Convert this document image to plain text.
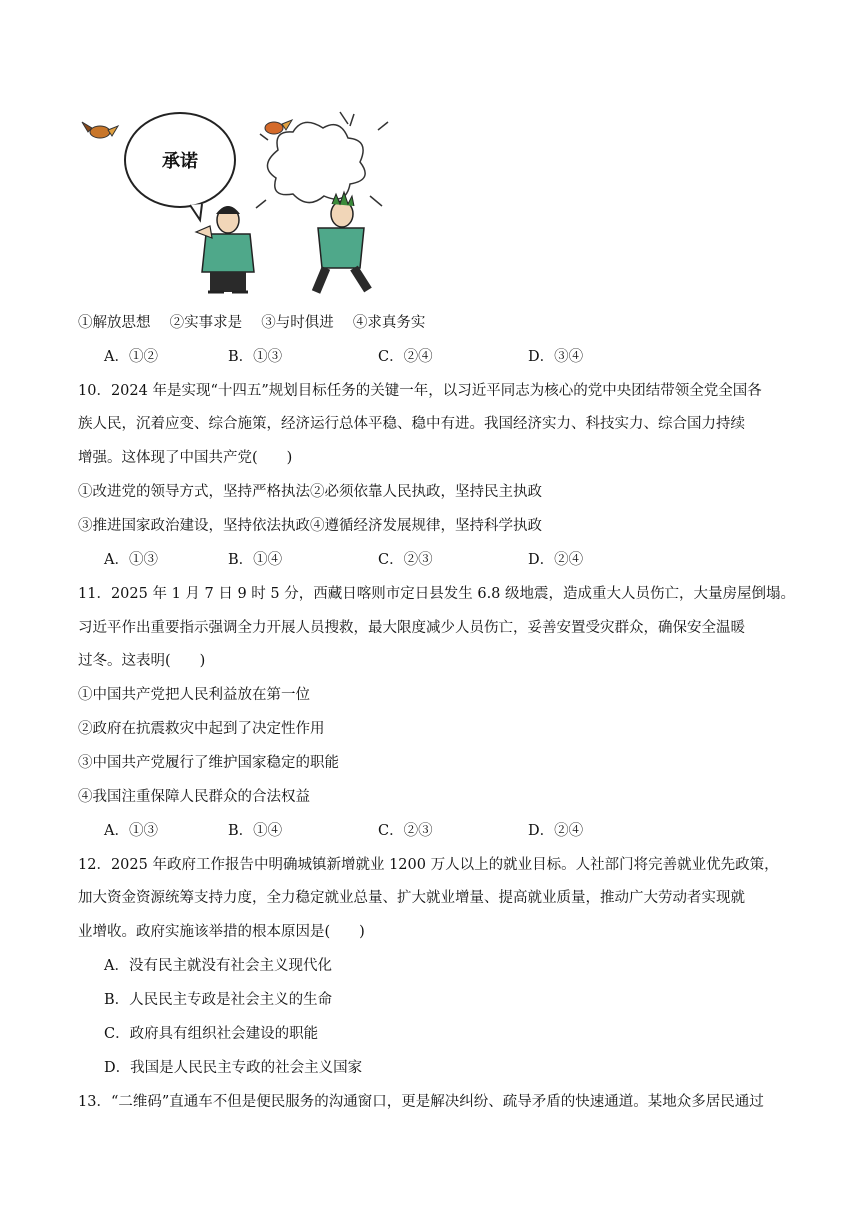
承诺
①解放思想　 ②实事求是　 ③与时俱进　 ④求真务实
A．①②	B．①③	C．②④	D．③④
10．2024 年是实现“十四五”规划目标任务的关键一年，以习近平同志为核心的党中央团结带领全党全国各
族人民，沉着应变、综合施策，经济运行总体平稳、稳中有进。我国经济实力、科技实力、综合国力持续
增强。这体现了中国共产党(　　)
①改进党的领导方式，坚持严格执法②必须依靠人民执政，坚持民主执政
③推进国家政治建设，坚持依法执政④遵循经济发展规律，坚持科学执政
A．①③	B．①④	C．②③	D．②④
11．2025 年 1 月 7 日 9 时 5 分，西藏日喀则市定日县发生 6.8 级地震，造成重大人员伤亡，大量房屋倒塌。
习近平作出重要指示强调全力开展人员搜救，最大限度减少人员伤亡，妥善安置受灾群众，确保安全温暖
过冬。这表明(　　)
①中国共产党把人民利益放在第一位
②政府在抗震救灾中起到了决定性作用
③中国共产党履行了维护国家稳定的职能
④我国注重保障人民群众的合法权益
A．①③	B．①④	C．②③	D．②④
12．2025 年政府工作报告中明确城镇新增就业 1200 万人以上的就业目标。人社部门将完善就业优先政策，
加大资金资源统筹支持力度，全力稳定就业总量、扩大就业增量、提高就业质量，推动广大劳动者实现就
业增收。政府实施该举措的根本原因是(　　)
A．没有民主就没有社会主义现代化
B．人民民主专政是社会主义的生命
C．政府具有组织社会建设的职能
D．我国是人民民主专政的社会主义国家
13．“二维码”直通车不但是便民服务的沟通窗口，更是解决纠纷、疏导矛盾的快速通道。某地众多居民通过
